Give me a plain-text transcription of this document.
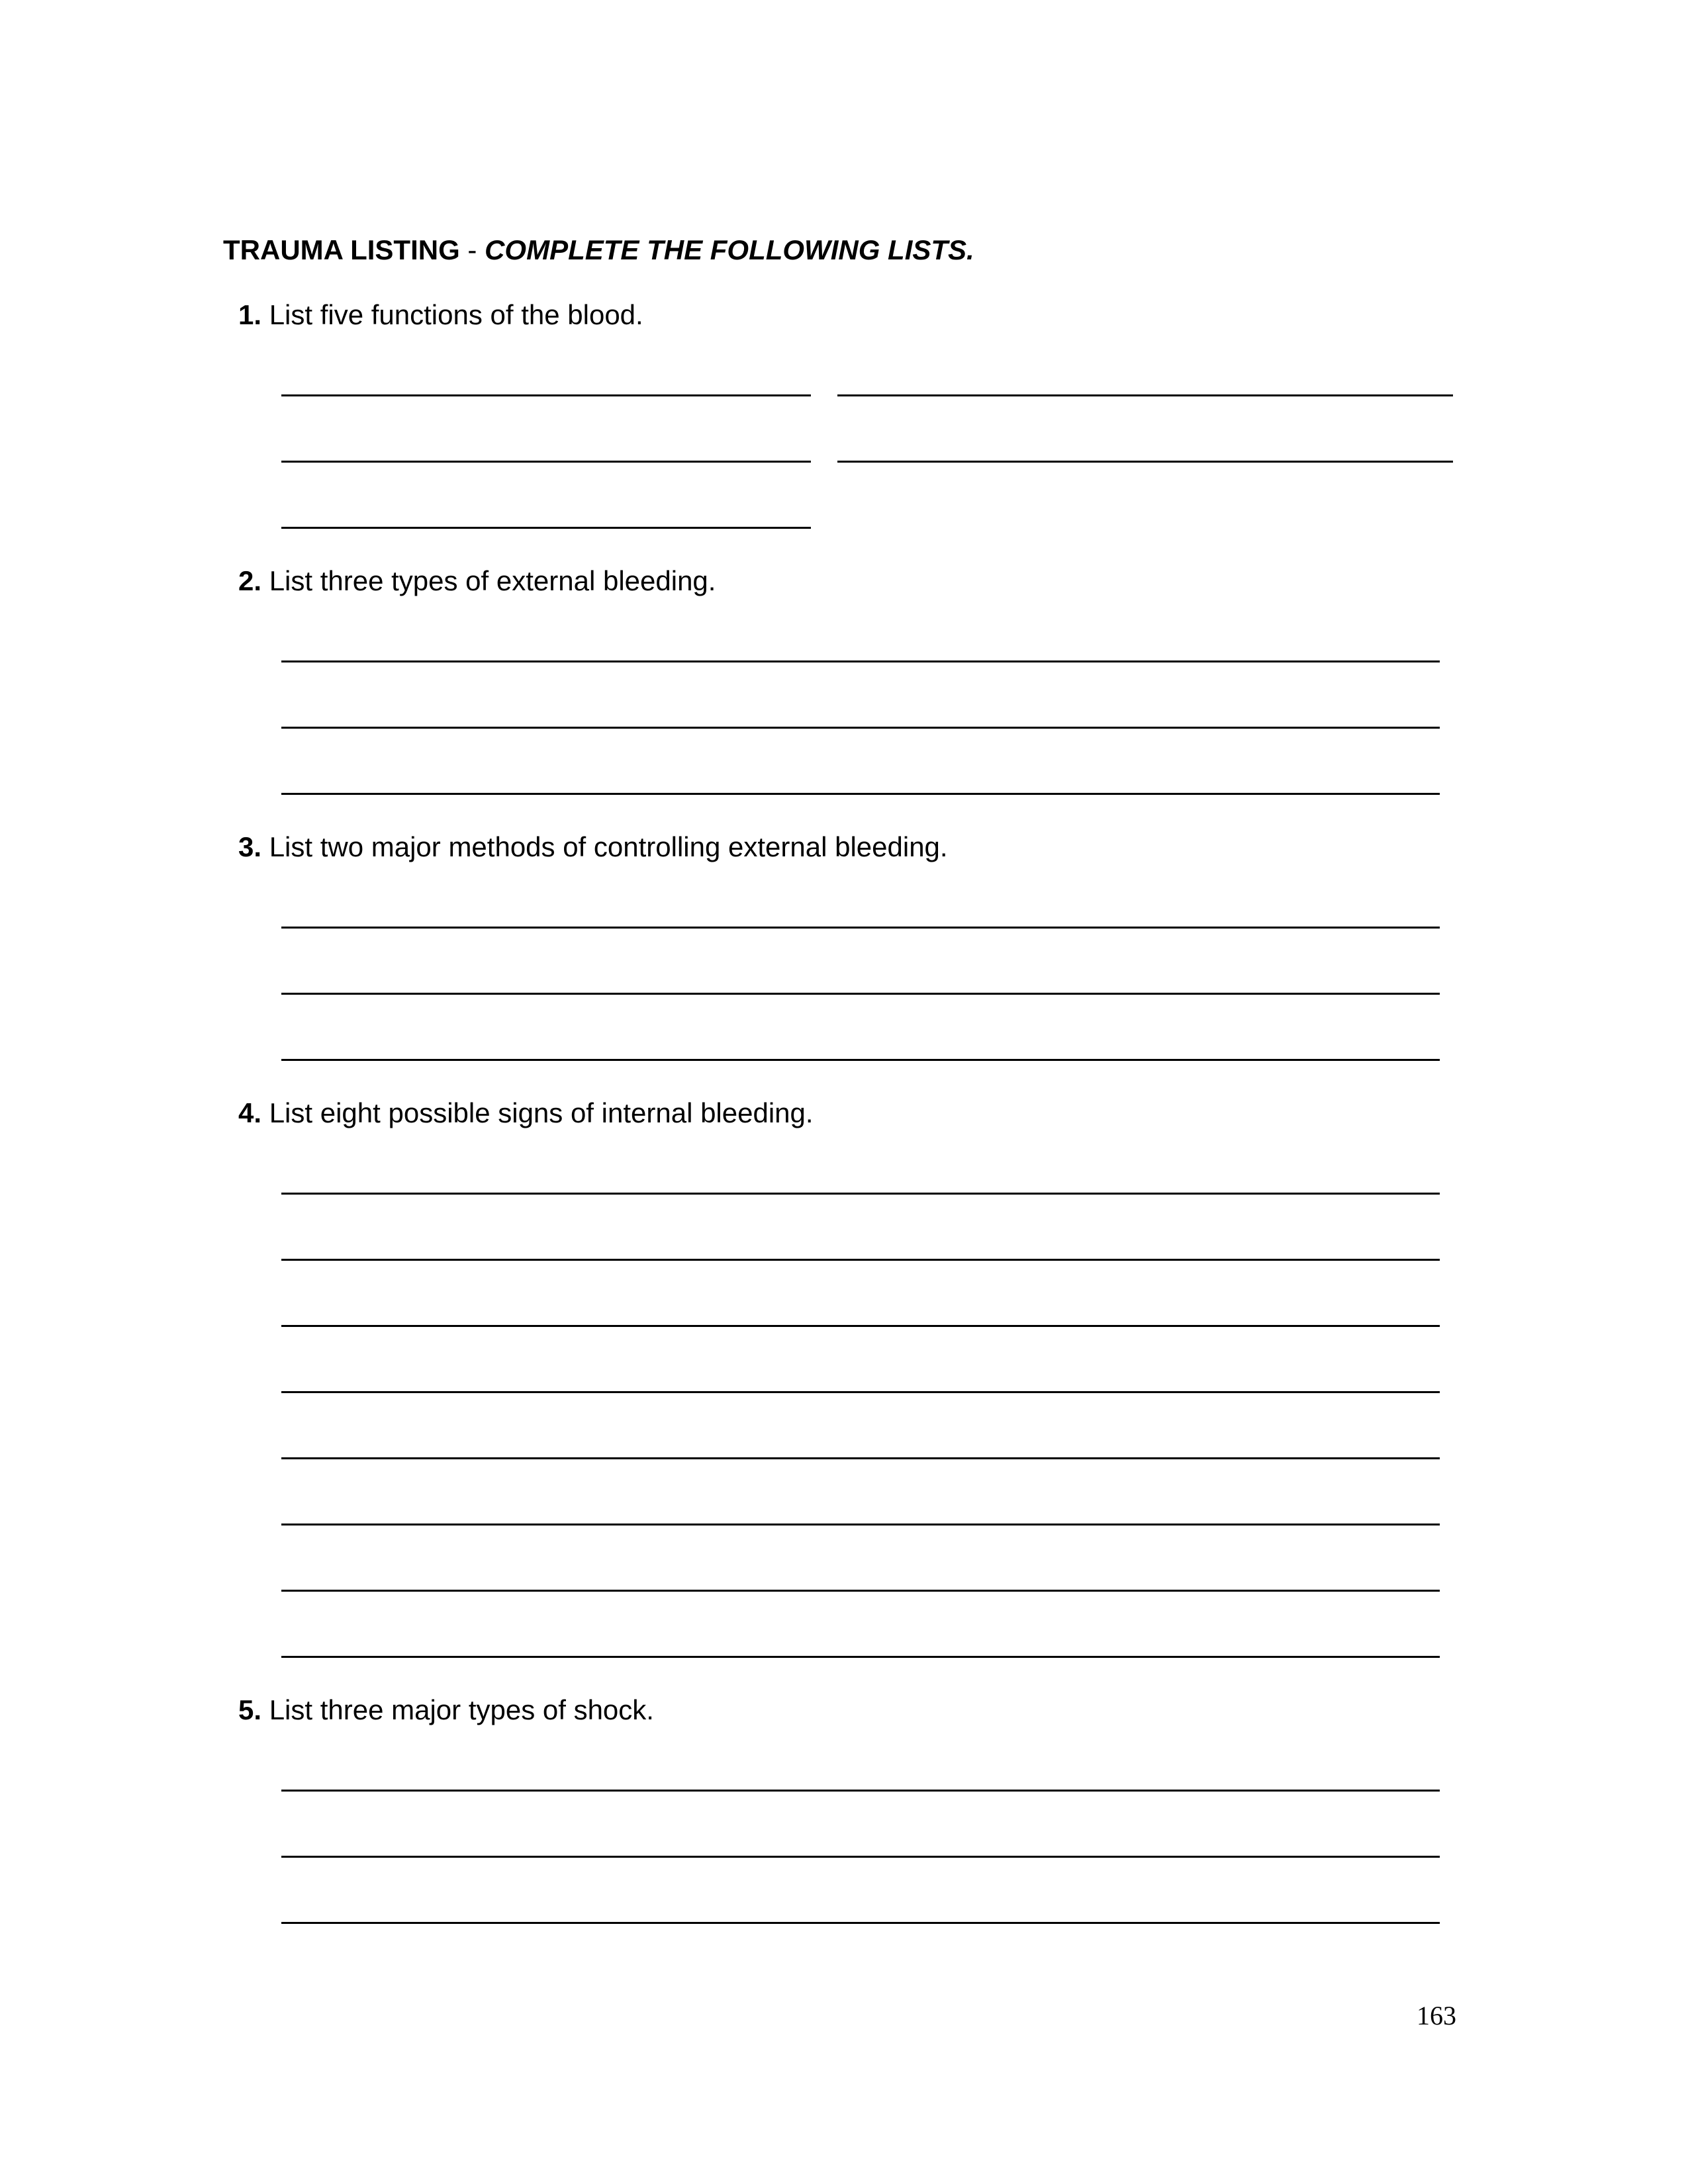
TRAUMA LISTING - COMPLETE THE FOLLOWING LISTS.
1. List five functions of the blood.
2. List three types of external bleeding.
3. List two major methods of controlling external bleeding.
4. List eight possible signs of internal bleeding.
5. List three major types of shock.
163
